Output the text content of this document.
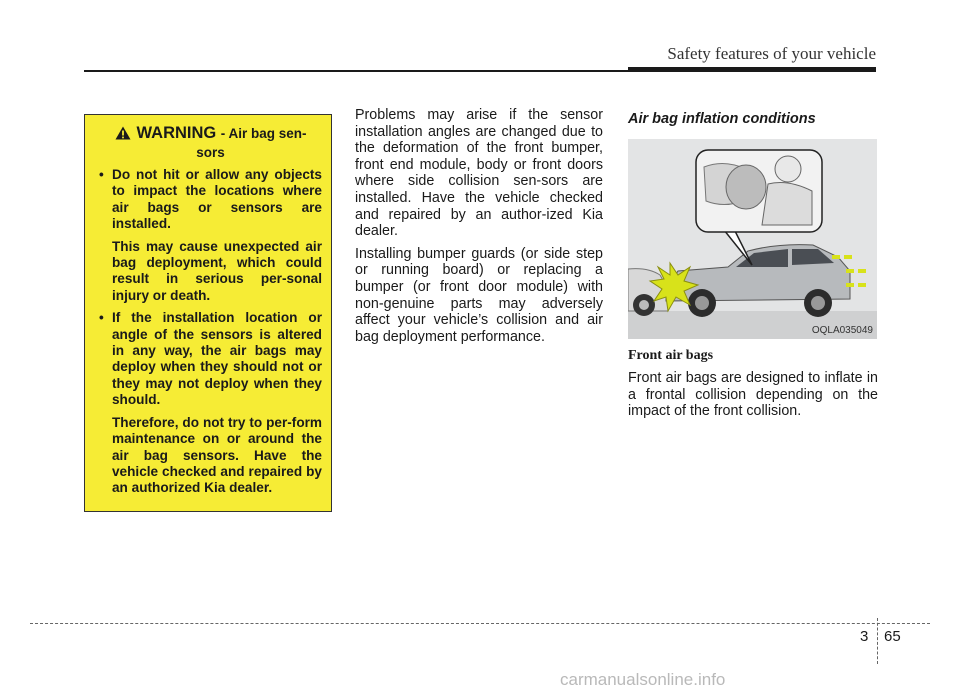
Safety features of your vehicle
WARNING - Air bag sen-
sors

• Do not hit or allow any objects to impact the locations where air bags or sensors are installed.

This may cause unexpected air bag deployment, which could result in serious per-sonal injury or death.

• If the installation location or angle of the sensors is altered in any way, the air bags may deploy when they should not or they may not deploy when they should.

Therefore, do not try to per-form maintenance on or around the air bag sensors. Have the vehicle checked and repaired by an authorized Kia dealer.

Problems may arise if the sensor installation angles are changed due to the deformation of the front bumper, front end module, body or front doors where side collision sen-sors are installed. Have the vehicle checked and repaired by an author-ized Kia dealer.

Installing bumper guards (or side step or running board) or replacing a bumper (or front door module) with non-genuine parts may adversely affect your vehicle’s collision and air bag deployment performance.

Air bag inflation conditions
OQLA035049
Front air bags
Front air bags are designed to inflate in a frontal collision depending on the impact of the front collision.
3 65
carmanualsonline.info
